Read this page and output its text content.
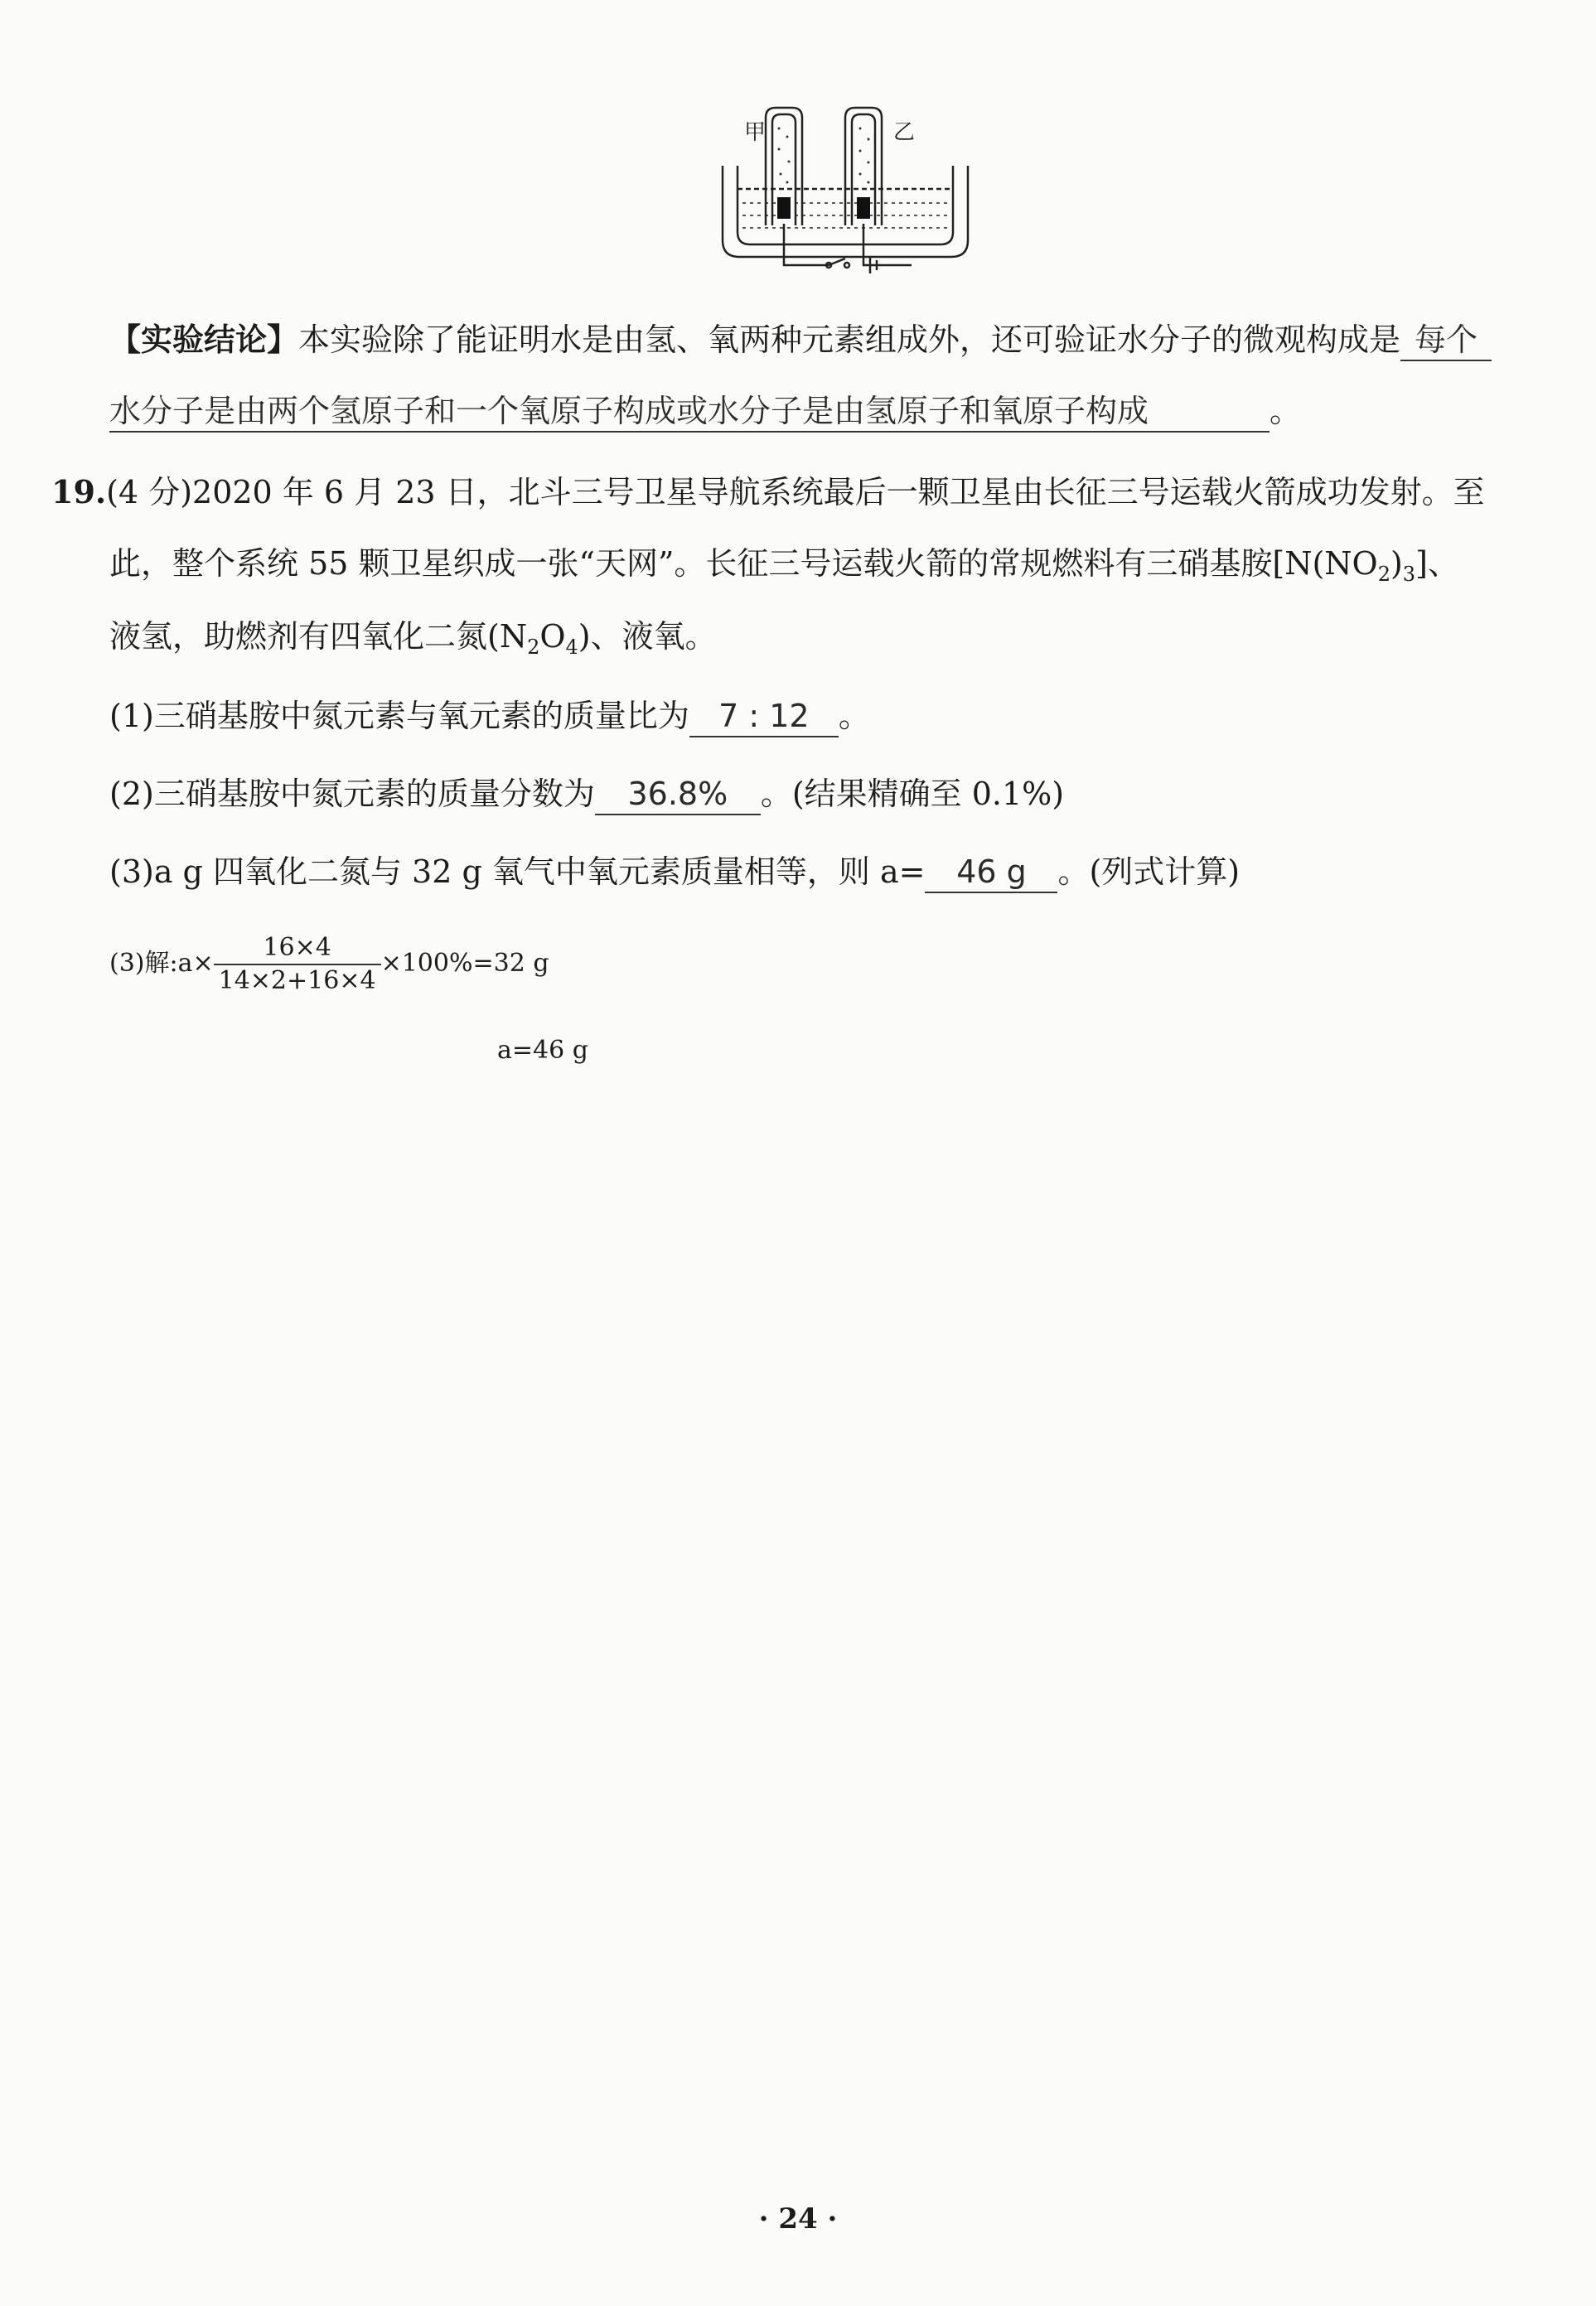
甲	乙
【实验结论】本实验除了能证明水是由氢、氧两种元素组成外，还可验证水分子的微观构成是 每个
水分子是由两个氢原子和一个氧原子构成或水分子是由氢原子和氧原子构成	。
19.(4 分)2020 年 6 月 23 日，北斗三号卫星导航系统最后一颗卫星由长征三号运载火箭成功发射。至
此，整个系统 55 颗卫星织成一张“天网”。长征三号运载火箭的常规燃料有三硝基胺$[N(NO_2)_3]$、
液氢，助燃剂有四氧化二氮$(N_2O_4)$、液氧。
(1)三硝基胺中氮元素与氧元素的质量比为 7 : 12 。
(2)三硝基胺中氮元素的质量分数为 36.8% 。(结果精确至 0.1%)
(3)a g 四氧化二氮与 32 g 氧气中氧元素质量相等，则 a= 46 g 。(列式计算)
(3)解:a× $\frac{16\times 4}{14\times 2+16\times 4} \times 100\%=32$ g
a=46 g
· 24 ·
